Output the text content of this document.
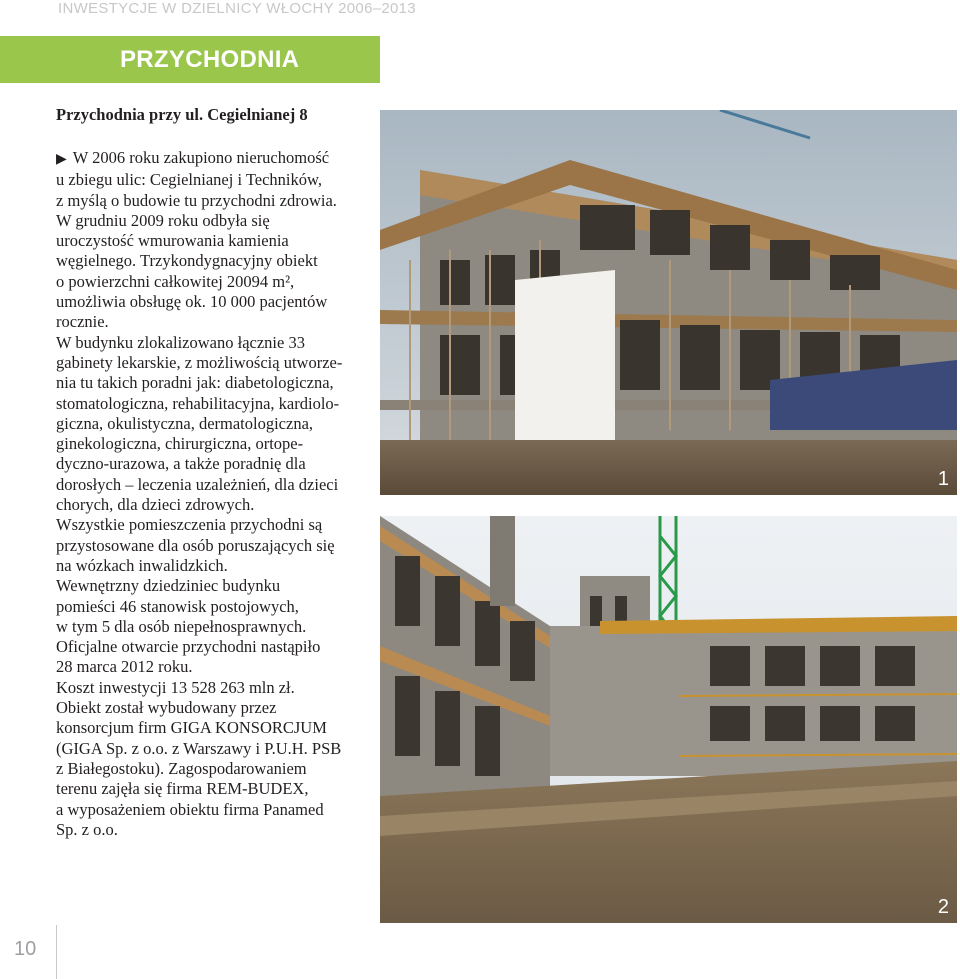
INWESTYCJE W DZIELNICY WŁOCHY 2006–2013
PRZYCHODNIA
Przychodnia przy ul. Cegielnianej 8
▶ W 2006 roku zakupiono nieruchomość
u zbiegu ulic: Cegielnianej i Techników,
z myślą o budowie tu przychodni zdrowia.
W grudniu 2009 roku odbyła się
uroczystość wmurowania kamienia
węgielnego. Trzykondygnacyjny obiekt
o powierzchni całkowitej 20094 m²,
umożliwia obsługę ok. 10 000 pacjentów
rocznie.
W budynku zlokalizowano łącznie 33
gabinety lekarskie, z możliwością utworze-
nia tu takich poradni jak: diabetologiczna,
stomatologiczna, rehabilitacyjna, kardiolo-
giczna, okulistyczna, dermatologiczna,
ginekologiczna, chirurgiczna, ortope-
dyczno-urazowa, a także poradnię dla
dorosłych – leczenia uzależnień, dla dzieci
chorych, dla dzieci zdrowych.
Wszystkie pomieszczenia przychodni są
przystosowane dla osób poruszających się
na wózkach inwalidzkich.
Wewnętrzny dziedziniec budynku
pomieści 46 stanowisk postojowych,
w tym 5 dla osób niepełnosprawnych.
Oficjalne otwarcie przychodni nastąpiło
28 marca 2012 roku.
Koszt inwestycji 13 528 263 mln zł.
Obiekt został wybudowany przez
konsorcjum firm GIGA KONSORCJUM
(GIGA Sp. z o.o. z Warszawy i P.U.H. PSB
z Białegostoku). Zagospodarowaniem
terenu zajęła się firma REM-BUDEX,
a wyposażeniem obiektu firma Panamed
Sp. z o.o.
1
2
10
